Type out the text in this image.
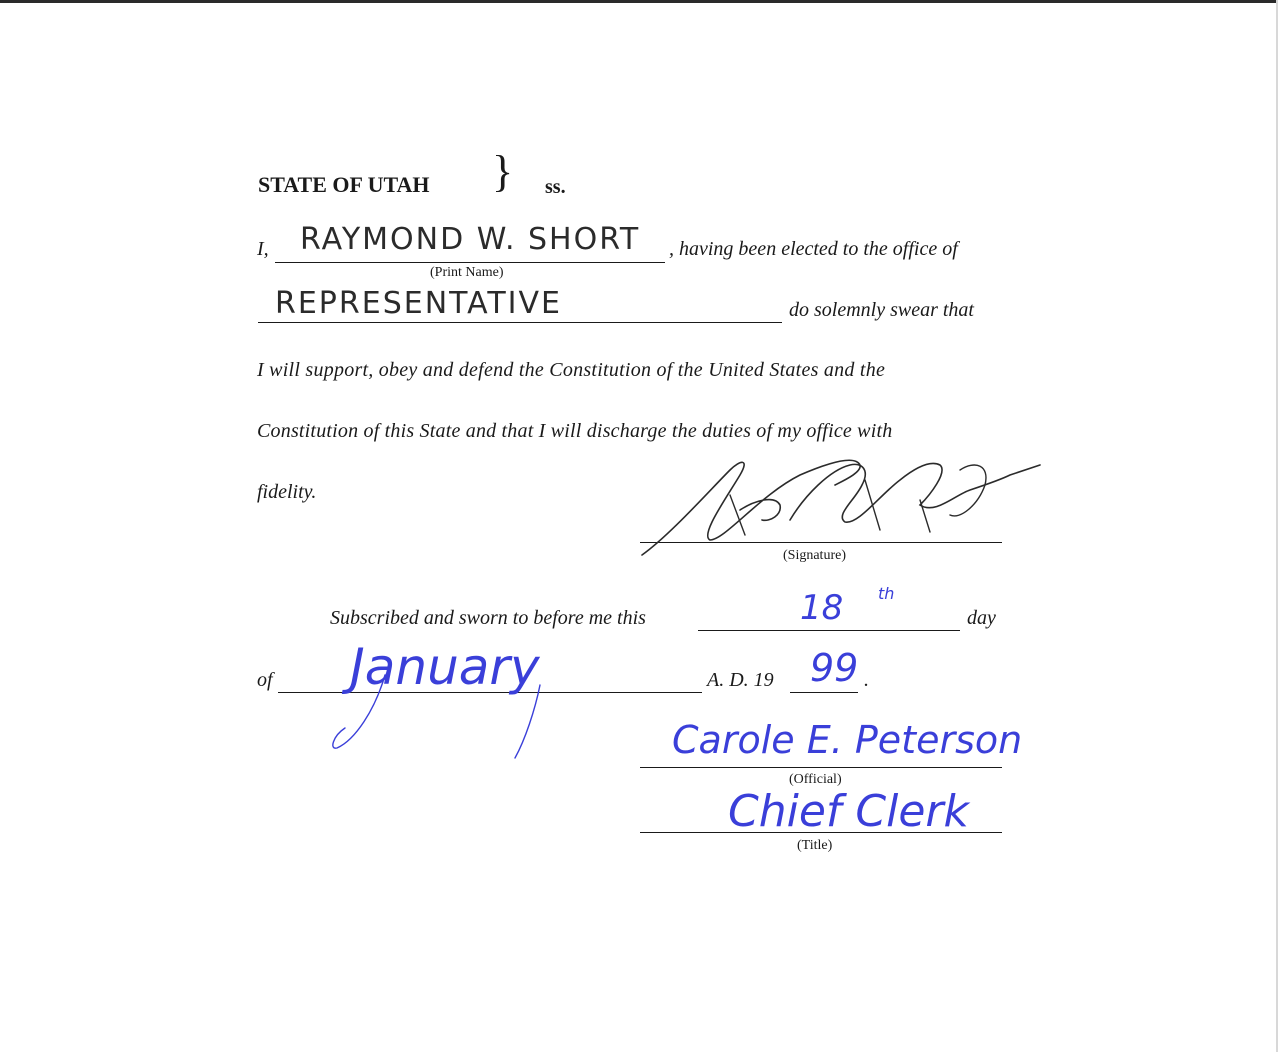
STATE OF UTAH } ss.
I, RAYMOND W. SHORT
(Print Name)
, having been elected to the office of
REPRESENTATIVE	do solemnly swear that
I will support, obey and defend the Constitution of the United States and the
Constitution of this State and that I will discharge the duties of my office with
fidelity.
(Signature)
Subscribed and sworn to before me this	18 th
day
of January	A. D. 19 99 .
Carole E. Peterson
(Official)
Chief Clerk
(Title)
